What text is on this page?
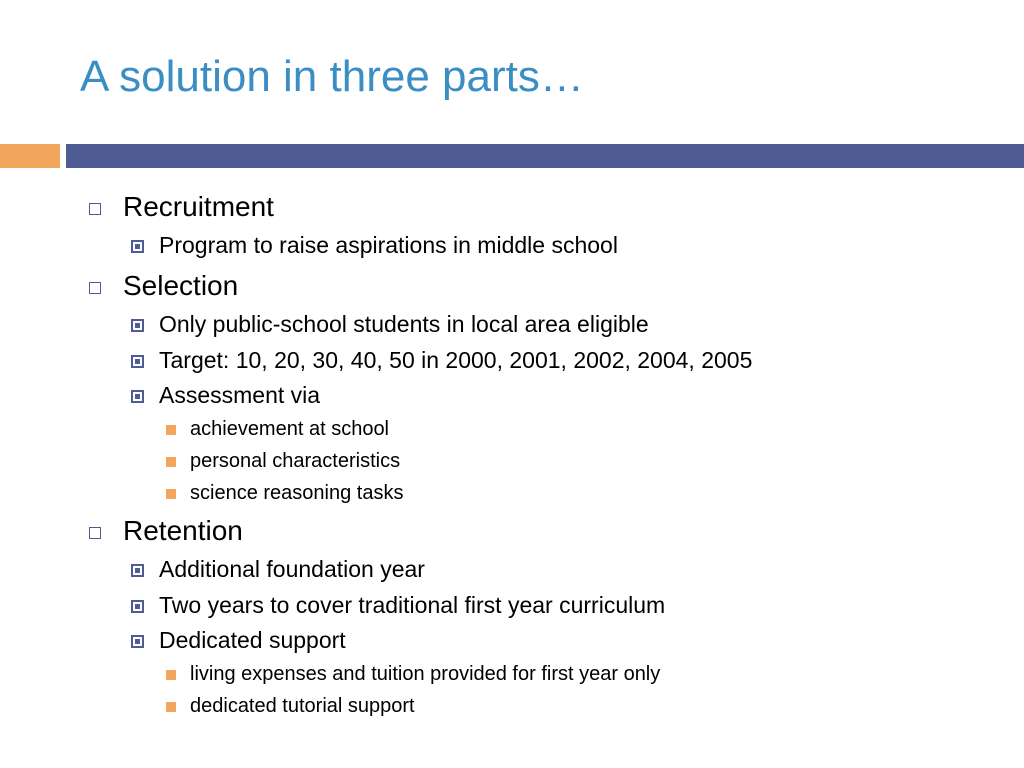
A solution in three parts…
Recruitment
Program to raise aspirations in middle school
Selection
Only public-school students in local area eligible
Target: 10, 20, 30, 40, 50 in 2000, 2001, 2002, 2004, 2005
Assessment via
achievement at school
personal characteristics
science reasoning tasks
Retention
Additional foundation year
Two years to cover traditional first year curriculum
Dedicated support
living expenses and tuition provided for first year only
dedicated tutorial support
